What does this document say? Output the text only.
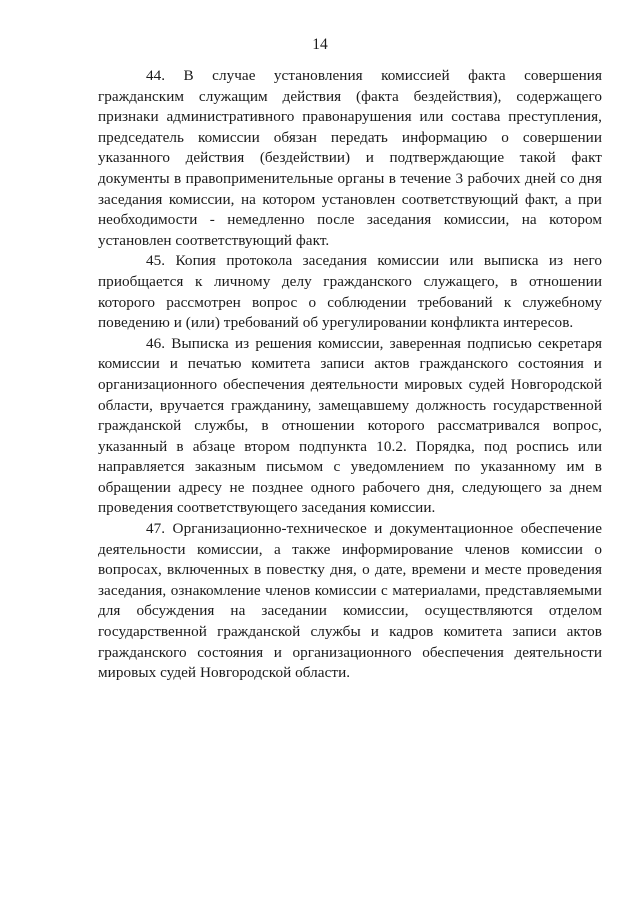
14

44. В случае установления комиссией факта совершения гражданским служащим действия (факта бездействия), содержащего признаки административного правонарушения или состава преступления, председатель комиссии обязан передать информацию о совершении указанного действия (бездействии) и подтверждающие такой факт документы в правоприменительные органы в течение 3 рабочих дней со дня заседания комиссии, на котором установлен соответствующий факт, а при необходимости - немедленно после заседания комиссии, на котором установлен соответствующий факт.

45. Копия протокола заседания комиссии или выписка из него приобщается к личному делу гражданского служащего, в отношении которого рассмотрен вопрос о соблюдении требований к служебному поведению и (или) требований об урегулировании конфликта интересов.

46. Выписка из решения комиссии, заверенная подписью секретаря комиссии и печатью комитета записи актов гражданского состояния и организационного обеспечения деятельности мировых судей Новгородской области, вручается гражданину, замещавшему должность государственной гражданской службы, в отношении которого рассматривался вопрос, указанный в абзаце втором подпункта 10.2. Порядка, под роспись или направляется заказным письмом с уведомлением по указанному им в обращении адресу не позднее одного рабочего дня, следующего за днем проведения соответствующего заседания комиссии.

47. Организационно-техническое и документационное обеспечение деятельности комиссии, а также информирование членов комиссии о вопросах, включенных в повестку дня, о дате, времени и месте проведения заседания, ознакомление членов комиссии с материалами, представляемыми для обсуждения на заседании комиссии, осуществляются отделом государственной гражданской службы и кадров комитета записи актов гражданского состояния и организационного обеспечения деятельности мировых судей Новгородской области.
